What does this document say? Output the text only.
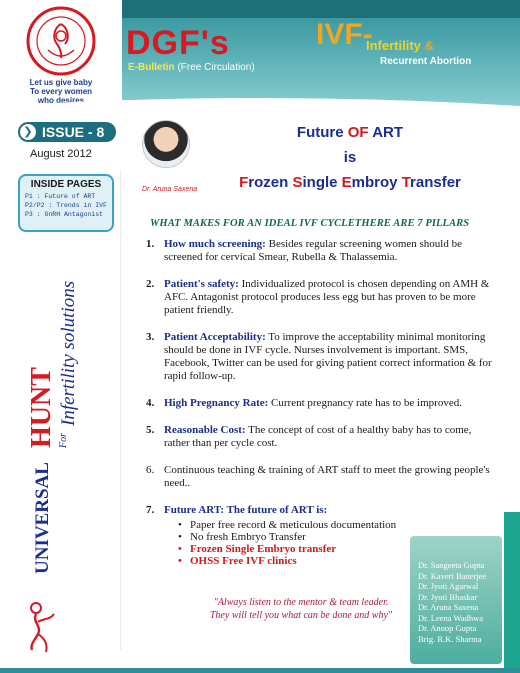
Let us give baby
To every women
who desires
DGF's
E-Bulletin (Free Circulation)
IVF-
Infertility &
Recurrent Abortion
❯ ISSUE - 8
August 2012
INSIDE PAGES
P1 : Future of ART
P2/P2 : Trends in IVF
P3 : GnRH Antagonist
UNIVERSAL
HUNT For
Infertility solutions
Dr. Aruna Saxena
Future OF ART
is
Frozen Single Embroy Transfer
WHAT MAKES FOR AN IDEAL IVF CYCLETHERE ARE 7 PILLARS
1. How much screening: Besides regular screening women should be screened for cervical Smear, Rubella & Thalassemia.
2. Patient's safety: Individualized protocol is chosen depending on AMH & AFC. Antagonist protocol produces less egg but has proven to be more patient friendly.
3. Patient Acceptability: To improve the acceptability minimal monitoring should be done in IVF cycle. Nurses involvement is important. SMS, Facebook, Twitter can be used for giving patient correct information & for rapid follow-up.
4. High Pregnancy Rate: Current pregnancy rate has to be improved.
5. Reasonable Cost: The concept of cost of a healthy baby has to come, rather than per cycle cost.
6. Continuous teaching & training of ART staff to meet the growing people's need..
7. Future ART: The future of ART is:
• Paper free record & meticulous documentation
• No fresh Embryo Transfer
• Frozen Single Embryo transfer
• OHSS Free IVF clinics
"Always listen to the mentor & team leader.
They will tell you what can be done and why"
Dr. Sangeeta Gupta
Dr. Kaveri Banerjee
Dr. Jyoti Agarwal
Dr. Jyoti Bhaskar
Dr. Aruna Saxena
Dr. Leena Wadhwa
Dr. Anoop Gupta
Brig. R.K. Sharma
